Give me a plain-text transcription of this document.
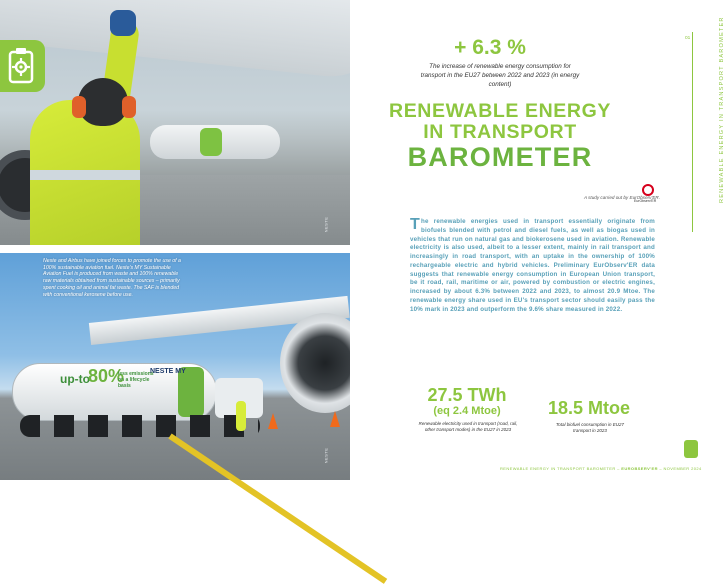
NESTE
NESTE
up-to
80%
less emissions on a lifecycle basis
NESTE MY
Neste and Airbus have joined forces to promote the use of a 100% sustainable aviation fuel. Neste's MY Sustainable Aviation Fuel is produced from waste and 100% renewable raw materials obtained from sustainable sources – primarily spent cooking oil and animal fat waste. The SAF is blended with conventional kerosene before use.
+ 6.3 %
The increase of renewable energy consumption for transport in the EU27 between 2022 and 2023 (in energy content)
RENEWABLE ENERGY
IN TRANSPORT
BAROMETER
A study carried out by EurObserv'ER.
EurObserv'ER
The renewable energies used in transport essentially originate from biofuels blended with petrol and diesel fuels, as well as biogas used in vehicles that run on natural gas and biokerosene used in aviation. Renewable electricity is also used, albeit to a lesser extent, mainly in rail transport and increasingly in road transport, with an uptake in the ownership of 100% rechargeable electric and hybrid vehicles. Preliminary EurObserv'ER data suggests that renewable energy consumption in European Union transport, be it road, rail, maritime or air, powered by combustion or electric engines, increased by about 6.3% between 2022 and 2023, to almost 20.9 Mtoe. The renewable energy share used in EU's transport sector should easily pass the 10% mark in 2023 and outperform the 9.6% share measured in 2022.
27.5 TWh
(eq 2.4 Mtoe)
Renewable electricity used in transport (road, rail, other transport modes) in the EU27 in 2023
18.5 Mtoe
Total biofuel consumption in EU27 transport in 2023
01	RENEWABLE ENERGY IN TRANSPORT BAROMETER
RENEWABLE ENERGY IN TRANSPORT BAROMETER – EUROBSERV'ER – NOVEMBER 2024
